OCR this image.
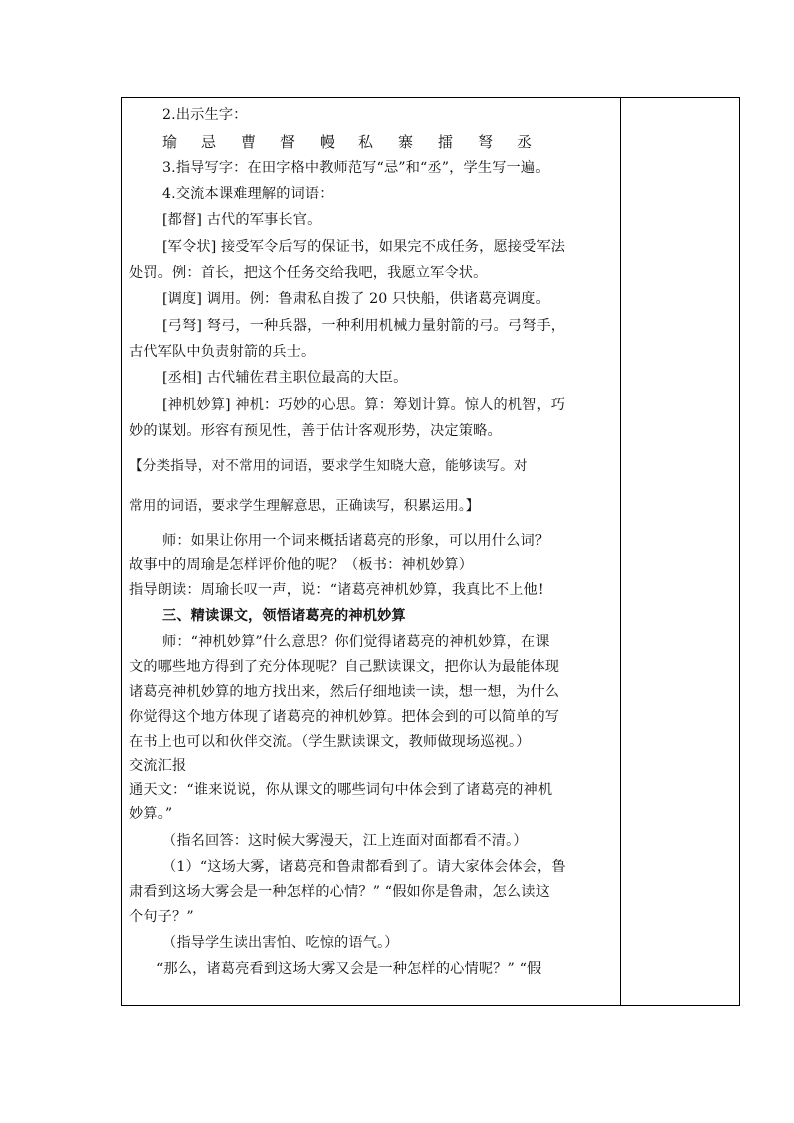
2.出示生字：
瑜 忌 曹 督 幔 私 寨 擂 弩 丞
3.指导写字：在田字格中教师范写“忌”和“丞”，学生写一遍。
4.交流本课难理解的词语：
[都督] 古代的军事长官。
[军令状] 接受军令后写的保证书，如果完不成任务，愿接受军法
处罚。例：首长，把这个任务交给我吧，我愿立军令状。
[调度] 调用。例：鲁肃私自拨了 20 只快船，供诸葛亮调度。
[弓弩] 弩弓，一种兵器，一种利用机械力量射箭的弓。弓弩手，
古代军队中负责射箭的兵士。
[丞相] 古代辅佐君主职位最高的大臣。
[神机妙算] 神机：巧妙的心思。算：筹划计算。惊人的机智，巧
妙的谋划。形容有预见性，善于估计客观形势，决定策略。
【分类指导，对不常用的词语，要求学生知晓大意，能够读写。对
常用的词语，要求学生理解意思，正确读写，积累运用。】
师：如果让你用一个词来概括诸葛亮的形象，可以用什么词？
故事中的周瑜是怎样评价他的呢？（板书：神机妙算）
指导朗读：周瑜长叹一声，说：“诸葛亮神机妙算，我真比不上他!
三、精读课文，领悟诸葛亮的神机妙算
师：“神机妙算”什么意思？你们觉得诸葛亮的神机妙算，在课
文的哪些地方得到了充分体现呢？自己默读课文，把你认为最能体现
诸葛亮神机妙算的地方找出来，然后仔细地读一读，想一想，为什么
你觉得这个地方体现了诸葛亮的神机妙算。把体会到的可以简单的写
在书上也可以和伙伴交流。（学生默读课文，教师做现场巡视。）
交流汇报
通天文：“谁来说说，你从课文的哪些词句中体会到了诸葛亮的神机
妙算。”
（指名回答：这时候大雾漫天，江上连面对面都看不清。）
（1）“这场大雾，诸葛亮和鲁肃都看到了。请大家体会体会，鲁
肃看到这场大雾会是一种怎样的心情？” “假如你是鲁肃，怎么读这
个句子？”
（指导学生读出害怕、吃惊的语气。）
“那么，诸葛亮看到这场大雾又会是一种怎样的心情呢？” “假
